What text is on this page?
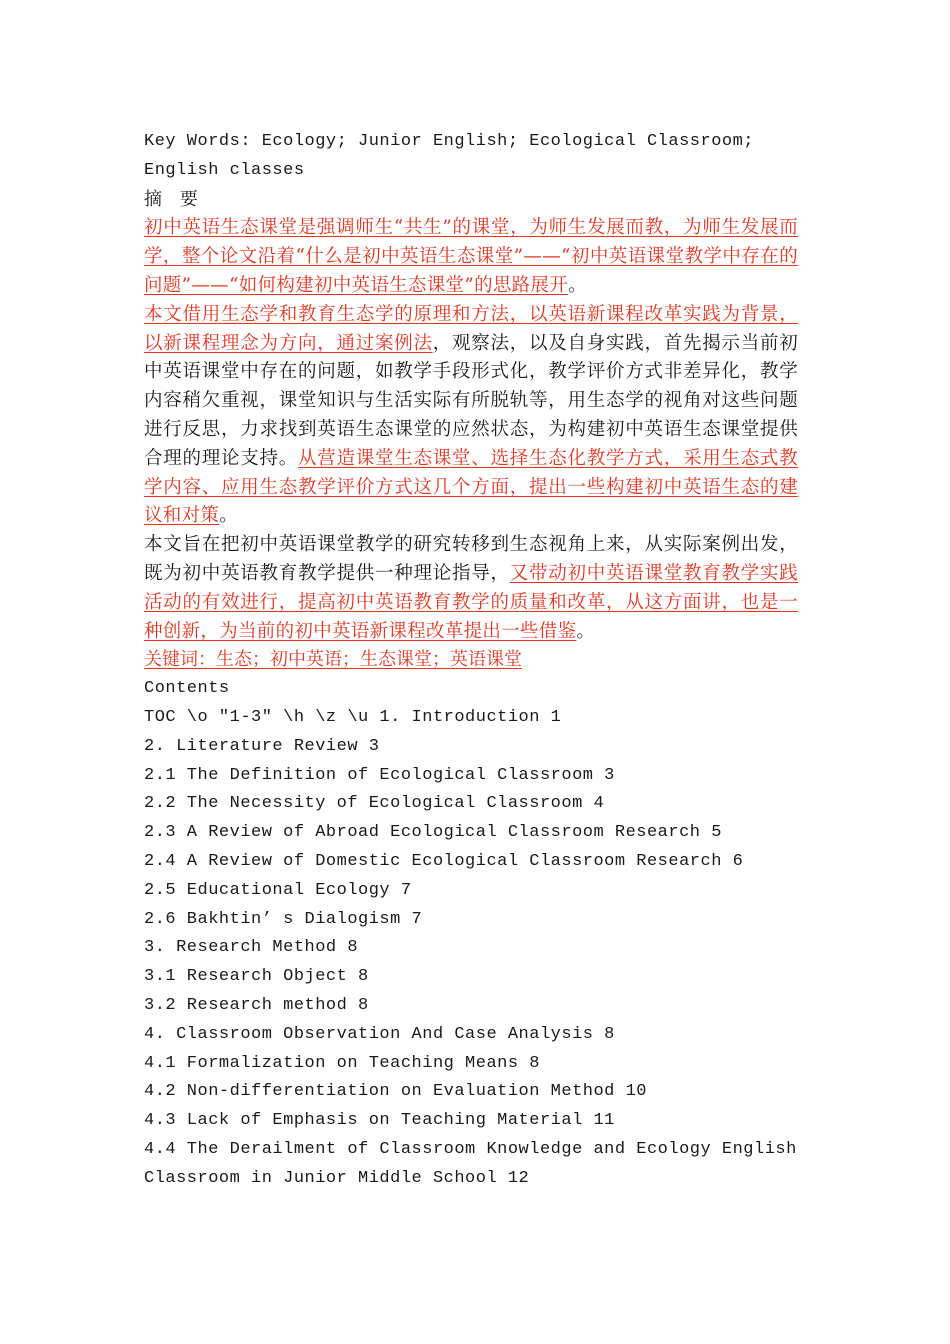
Key Words: Ecology; Junior English; Ecological Classroom; English classes
摘 要
初中英语生态课堂是强调师生“共生”的课堂，为师生发展而教，为师生发展而学，整个论文沿着“什么是初中英语生态课堂”——“初中英语课堂教学中存在的问题”——“如何构建初中英语生态课堂”的思路展开。
本文借用生态学和教育生态学的原理和方法，以英语新课程改革实践为背景，以新课程理念为方向，通过案例法，观察法，以及自身实践，首先揭示当前初中英语课堂中存在的问题，如教学手段形式化，教学评价方式非差异化，教学内容稍欠重视，课堂知识与生活实际有所脱轨等，用生态学的视角对这些问题进行反思，力求找到英语生态课堂的应然状态，为构建初中英语生态课堂提供合理的理论支持。从营造课堂生态课堂、选择生态化教学方式，采用生态式教学内容、应用生态教学评价方式这几个方面，提出一些构建初中英语生态的建议和对策。
本文旨在把初中英语课堂教学的研究转移到生态视角上来，从实际案例出发，既为初中英语教育教学提供一种理论指导，又带动初中英语课堂教育教学实践活动的有效进行，提高初中英语教育教学的质量和改革，从这方面讲，也是一种创新，为当前的初中英语新课程改革提出一些借鉴。
关键词：生态；初中英语；生态课堂；英语课堂
Contents
TOC \o "1-3" \h \z \u 1. Introduction 1
2. Literature Review 3
2.1 The Definition of Ecological Classroom 3
2.2 The Necessity of Ecological Classroom 4
2.3 A Review of Abroad Ecological Classroom Research 5
2.4 A Review of Domestic Ecological Classroom Research 6
2.5 Educational Ecology 7
2.6 Bakhtin’ s Dialogism 7
3. Research Method 8
3.1 Research Object 8
3.2 Research method 8
4. Classroom Observation And Case Analysis 8
4.1 Formalization on Teaching Means 8
4.2 Non-differentiation on Evaluation Method 10
4.3 Lack of Emphasis on Teaching Material 11
4.4 The Derailment of Classroom Knowledge and Ecology English Classroom in Junior Middle School 12
